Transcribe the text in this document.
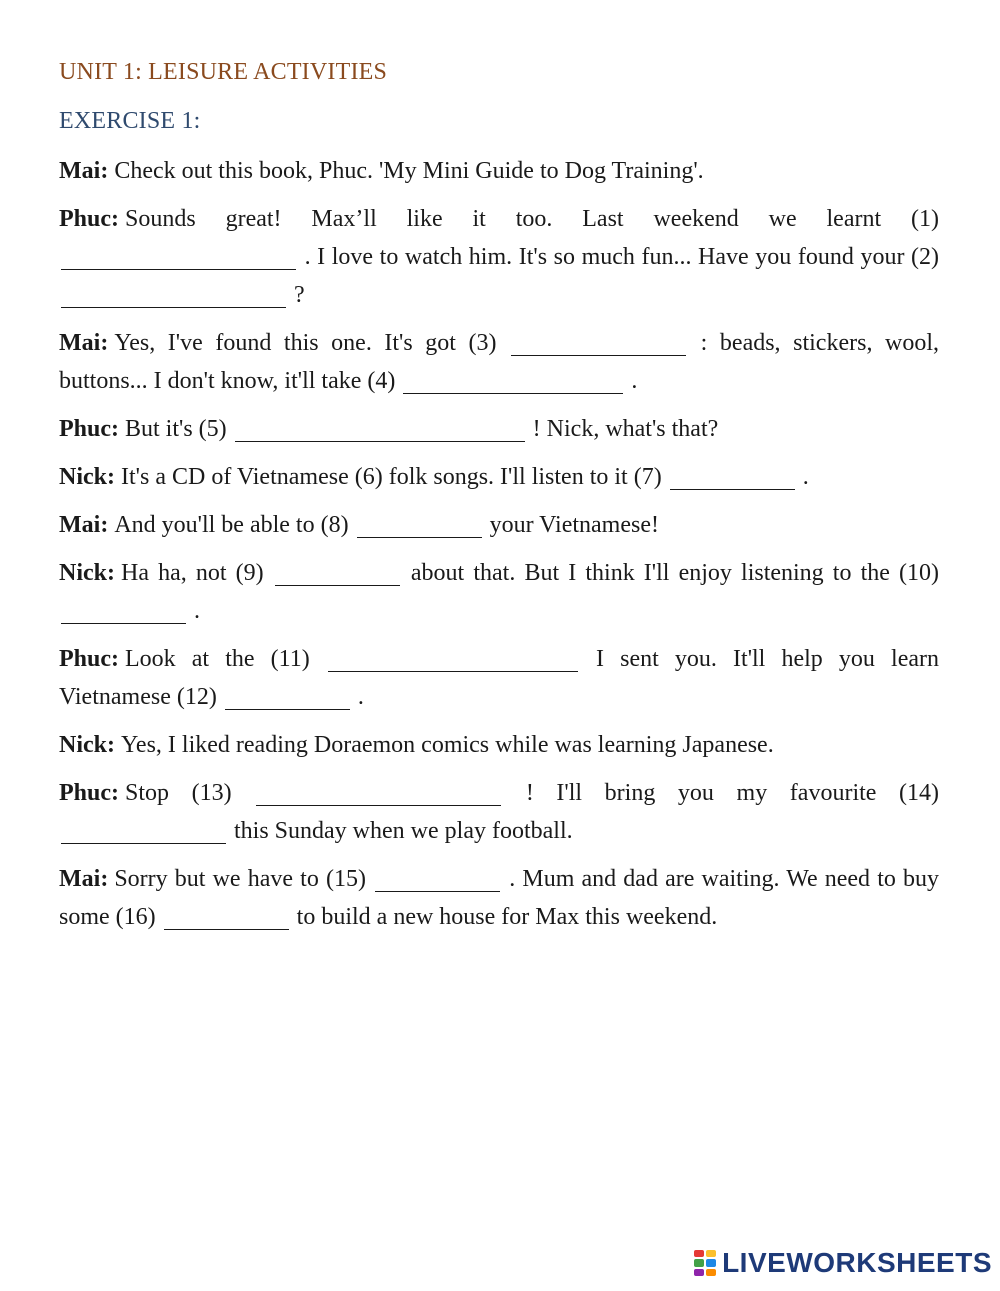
UNIT 1: LEISURE ACTIVITIES
EXERCISE 1:
Mai: Check out this book, Phuc. 'My Mini Guide to Dog Training'.
Phuc: Sounds great! Max’ll like it too. Last weekend we learnt (1)  . I love to watch him. It's so much fun... Have you found your (2)  ?
Mai: Yes, I've found this one. It's got (3)	: beads, stickers, wool, buttons... I don't know, it'll take (4)	.
Phuc: But it's (5)	! Nick, what's that?
Nick: It's a CD of Vietnamese (6) folk songs. I'll listen to it (7)	.
Mai: And you'll be able to (8)	your Vietnamese!
Nick: Ha ha, not (9)	about that. But I think I'll enjoy listening to the (10)  .
Phuc: Look at the (11)	I sent you. It'll help you learn Vietnamese (12)	.
Nick: Yes, I liked reading Doraemon comics while was learning Japanese.
Phuc: Stop (13)	! I'll bring you my favourite (14)  this Sunday when we play football.
Mai: Sorry but we have to (15)	. Mum and dad are waiting. We need to buy some (16)	to build a new house for Max this weekend.
LIVEWORKSHEETS
